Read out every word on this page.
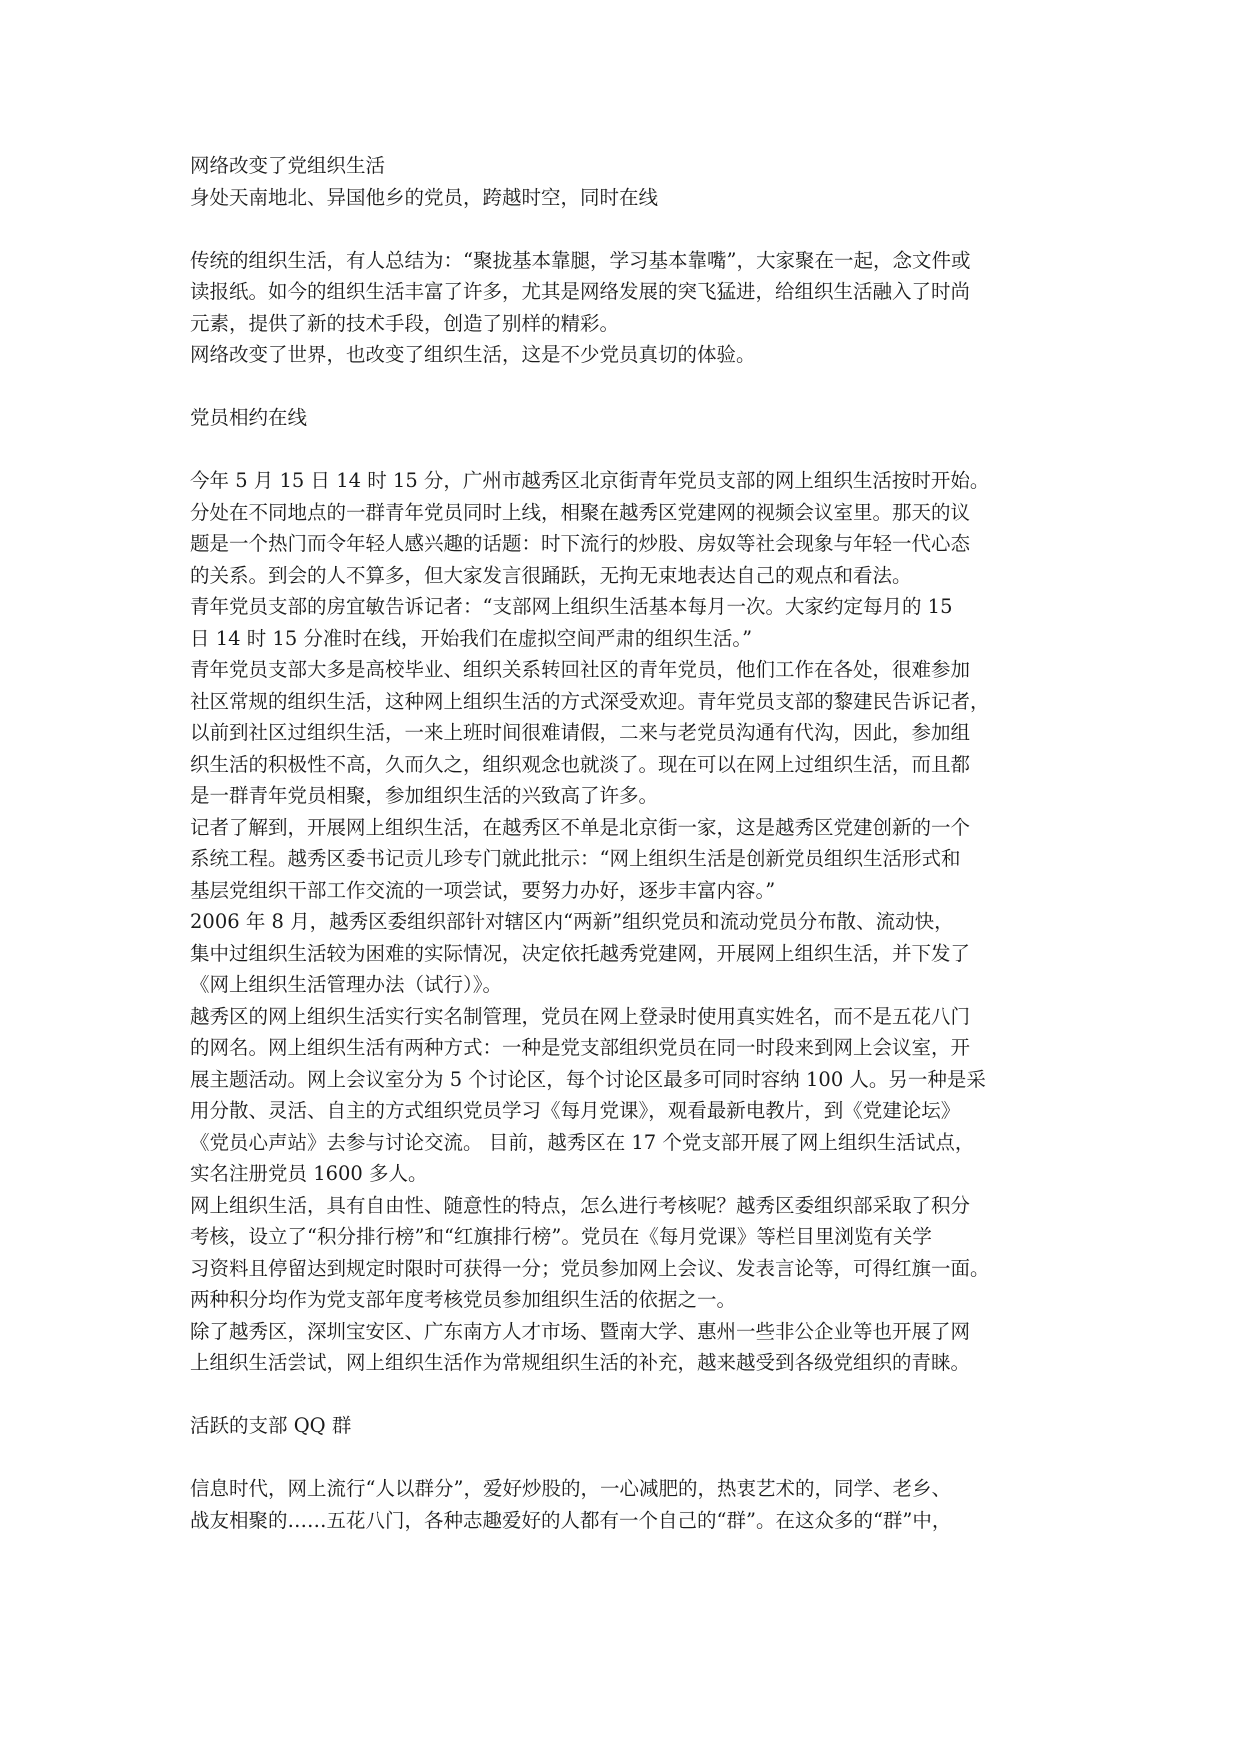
网络改变了党组织生活

身处天南地北、异国他乡的党员，跨越时空，同时在线

传统的组织生活，有人总结为：“聚拢基本靠腿，学习基本靠嘴”，大家聚在一起，念文件或

读报纸。如今的组织生活丰富了许多，尤其是网络发展的突飞猛进，给组织生活融入了时尚

元素，提供了新的技术手段，创造了别样的精彩。

网络改变了世界，也改变了组织生活，这是不少党员真切的体验。

党员相约在线

今年 5 月 15 日 14 时 15 分，广州市越秀区北京街青年党员支部的网上组织生活按时开始。

分处在不同地点的一群青年党员同时上线，相聚在越秀区党建网的视频会议室里。那天的议

题是一个热门而令年轻人感兴趣的话题：时下流行的炒股、房奴等社会现象与年轻一代心态

的关系。到会的人不算多，但大家发言很踊跃，无拘无束地表达自己的观点和看法。

青年党员支部的房宜敏告诉记者：“支部网上组织生活基本每月一次。大家约定每月的 15

日 14 时 15 分准时在线，开始我们在虚拟空间严肃的组织生活。”

青年党员支部大多是高校毕业、组织关系转回社区的青年党员，他们工作在各处，很难参加

社区常规的组织生活，这种网上组织生活的方式深受欢迎。青年党员支部的黎建民告诉记者，

以前到社区过组织生活，一来上班时间很难请假，二来与老党员沟通有代沟，因此，参加组

织生活的积极性不高，久而久之，组织观念也就淡了。现在可以在网上过组织生活，而且都

是一群青年党员相聚，参加组织生活的兴致高了许多。

记者了解到，开展网上组织生活，在越秀区不单是北京街一家，这是越秀区党建创新的一个

系统工程。越秀区委书记贡儿珍专门就此批示：“网上组织生活是创新党员组织生活形式和

基层党组织干部工作交流的一项尝试，要努力办好，逐步丰富内容。”

2006 年 8 月，越秀区委组织部针对辖区内“两新”组织党员和流动党员分布散、流动快，

集中过组织生活较为困难的实际情况，决定依托越秀党建网，开展网上组织生活，并下发了

《网上组织生活管理办法（试行）》。

越秀区的网上组织生活实行实名制管理，党员在网上登录时使用真实姓名，而不是五花八门

的网名。网上组织生活有两种方式：一种是党支部组织党员在同一时段来到网上会议室，开

展主题活动。网上会议室分为 5 个讨论区，每个讨论区最多可同时容纳 100 人。另一种是采

用分散、灵活、自主的方式组织党员学习《每月党课》，观看最新电教片，到《党建论坛》

《党员心声站》去参与讨论交流。 目前，越秀区在 17 个党支部开展了网上组织生活试点，

实名注册党员 1600 多人。

网上组织生活，具有自由性、随意性的特点，怎么进行考核呢？越秀区委组织部采取了积分

考核，设立了“积分排行榜”和“红旗排行榜”。党员在《每月党课》等栏目里浏览有关学

习资料且停留达到规定时限时可获得一分；党员参加网上会议、发表言论等，可得红旗一面。

两种积分均作为党支部年度考核党员参加组织生活的依据之一。

除了越秀区，深圳宝安区、广东南方人才市场、暨南大学、惠州一些非公企业等也开展了网

上组织生活尝试，网上组织生活作为常规组织生活的补充，越来越受到各级党组织的青睐。

活跃的支部 QQ 群

信息时代，网上流行“人以群分”，爱好炒股的，一心减肥的，热衷艺术的，同学、老乡、

战友相聚的……五花八门，各种志趣爱好的人都有一个自己的“群”。在这众多的“群”中，
